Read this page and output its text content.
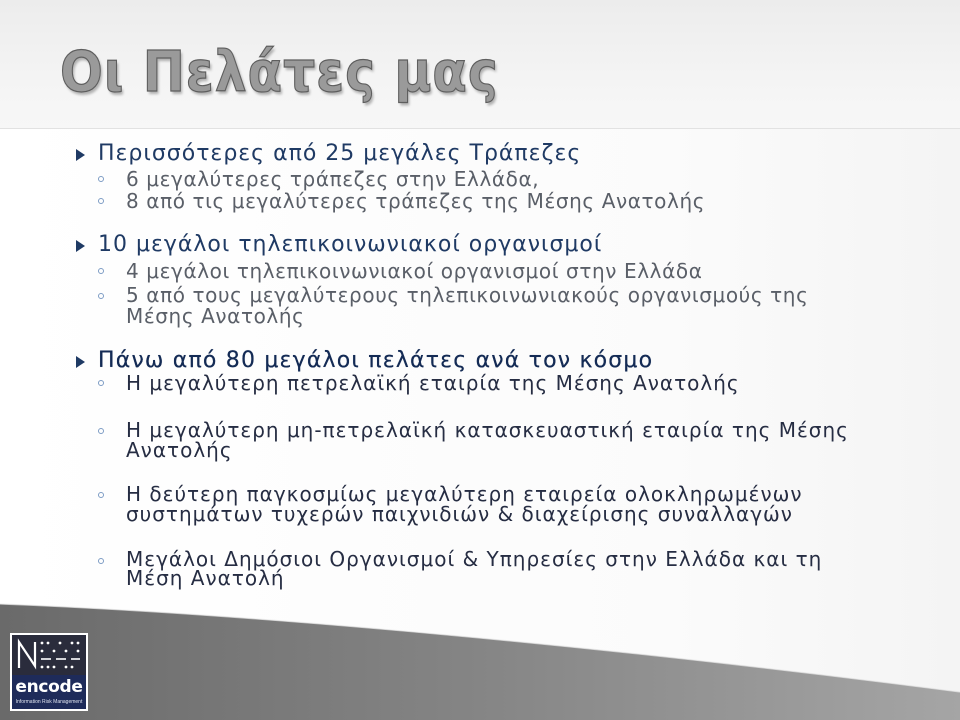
Οι Πελάτες μας
Περισσότερες από 25 μεγάλες Τράπεζες
6 μεγαλύτερες τράπεζες στην Ελλάδα,
8 από τις μεγαλύτερες τράπεζες της Μέσης Ανατολής
10 μεγάλοι τηλεπικοινωνιακοί οργανισμοί
4 μεγάλοι τηλεπικοινωνιακοί οργανισμοί στην Ελλάδα
5 από τους μεγαλύτερους τηλεπικοινωνιακούς οργανισμούς της
Μέσης Ανατολής
Πάνω από 80 μεγάλοι πελάτες ανά τον κόσμο
Η μεγαλύτερη πετρελαϊκή εταιρία της Μέσης Ανατολής
Η μεγαλύτερη μη-πετρελαϊκή κατασκευαστική εταιρία της Μέσης
Ανατολής
Η δεύτερη παγκοσμίως μεγαλύτερη εταιρεία ολοκληρωμένων
συστημάτων τυχερών παιχνιδιών & διαχείρισης συναλλαγών
Μεγάλοι Δημόσιοι Οργανισμοί & Υπηρεσίες στην Ελλάδα και τη
Μέση Ανατολή
encode
Information Risk Management
